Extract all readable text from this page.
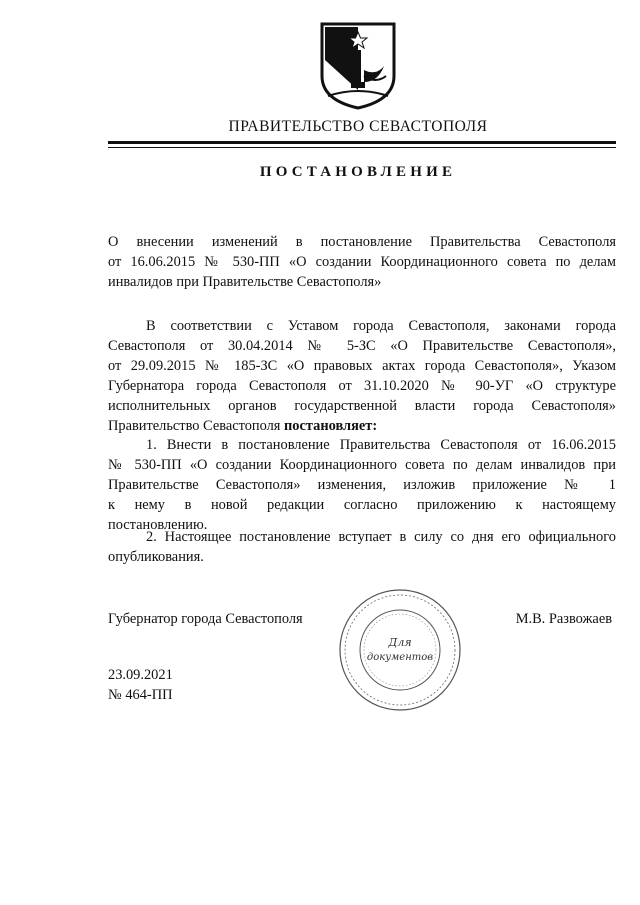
ПРАВИТЕЛЬСТВО СЕВАСТОПОЛЯ
ПОСТАНОВЛЕНИЕ
О внесении изменений в постановление Правительства Севастополя
от 16.06.2015 № 530-ПП «О создании Координационного совета по делам
инвалидов при Правительстве Севастополя»
В соответствии с Уставом города Севастополя, законами города
Севастополя от 30.04.2014 № 5-ЗС «О Правительстве Севастополя»,
от 29.09.2015 № 185-ЗС «О правовых актах города Севастополя», Указом
Губернатора города Севастополя от 31.10.2020 № 90-УГ «О структуре
исполнительных органов государственной власти города Севастополя»
Правительство Севастополя постановляет:
1. Внести в постановление Правительства Севастополя от 16.06.2015
№ 530-ПП «О создании Координационного совета по делам инвалидов при
Правительстве Севастополя» изменения, изложив приложение № 1
к нему в новой редакции согласно приложению к настоящему
постановлению.
2. Настоящее постановление вступает в силу со дня его официального
опубликования.
Губернатор города Севастополя
Для
документов
М.В. Развожаев
23.09.2021
№ 464-ПП
